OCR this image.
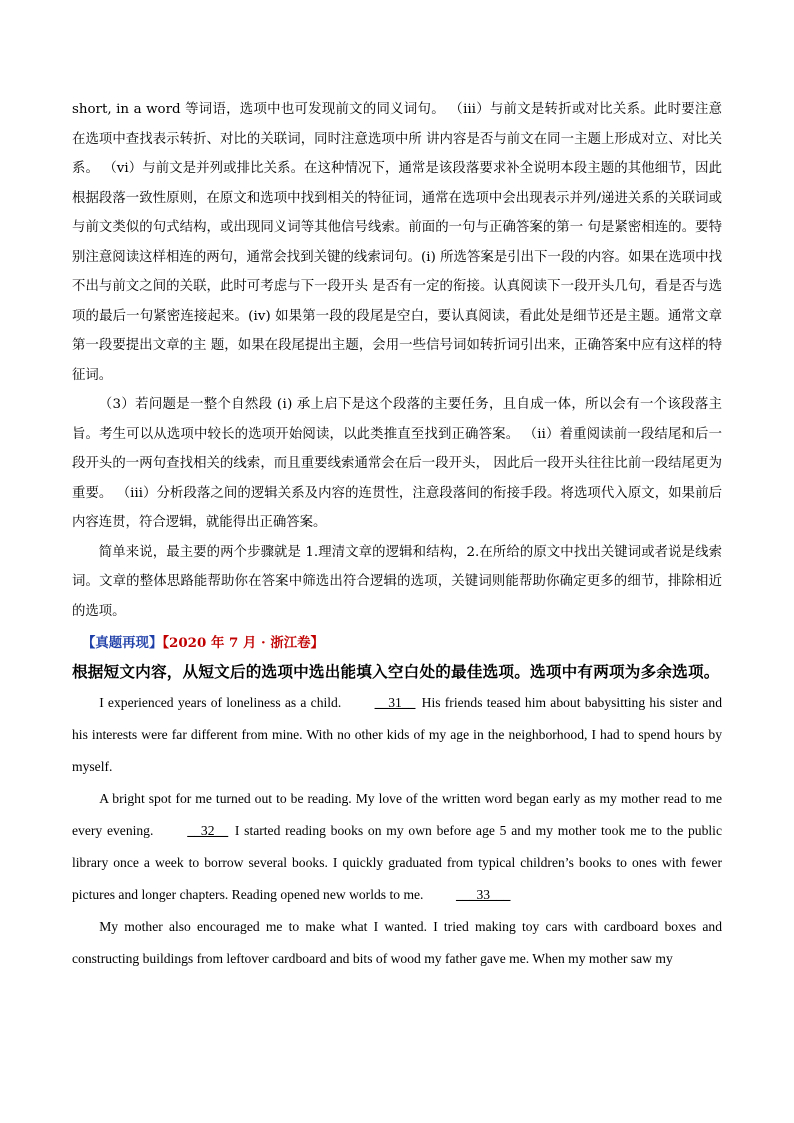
short, in a word 等词语，选项中也可发现前文的同义词句。 （ⅲ）与前文是转折或对比关系。此时要注意在选项中查找表示转折、对比的关联词，同时注意选项中所 讲内容是否与前文在同一主题上形成对立、对比关系。 （vi）与前文是并列或排比关系。在这种情况下，通常是该段落要求补全说明本段主题的其他细节，因此 根据段落一致性原则，在原文和选项中找到相关的特征词，通常在选项中会出现表示并列/递进关系的关联词或与前文类似的句式结构，或出现同义词等其他信号线索。前面的一句与正确答案的第一 句是紧密相连的。要特别注意阅读这样相连的两句，通常会找到关键的线索词句。(ⅰ) 所选答案是引出下一段的内容。如果在选项中找不出与前文之间的关联，此时可考虑与下一段开头 是否有一定的衔接。认真阅读下一段开头几句，看是否与选项的最后一句紧密连接起来。(ⅳ) 如果第一段的段尾是空白，要认真阅读，看此处是细节还是主题。通常文章第一段要提出文章的主 题，如果在段尾提出主题，会用一些信号词如转折词引出来，正确答案中应有这样的特征词。

（3）若问题是一整个自然段 (ⅰ) 承上启下是这个段落的主要任务，且自成一体，所以会有一个该段落主旨。考生可以从选项中较长的选项开始阅读，以此类推直至找到正确答案。 （ⅱ）着重阅读前一段结尾和后一段开头的一两句查找相关的线索，而且重要线索通常会在后一段开头， 因此后一段开头往往比前一段结尾更为重要。 （ⅲ）分析段落之间的逻辑关系及内容的连贯性，注意段落间的衔接手段。将选项代入原文，如果前后内容连贯，符合逻辑，就能得出正确答案。

简单来说，最主要的两个步骤就是 1.理清文章的逻辑和结构，2.在所给的原文中找出关键词或者说是线索词。文章的整体思路能帮助你在答案中筛选出符合逻辑的选项，关键词则能帮助你确定更多的细节，排除相近的选项。

【真题再现】【2020 年 7 月 · 浙江卷】

根据短文内容，从短文后的选项中选出能填入空白处的最佳选项。选项中有两项为多余选项。

I experienced years of loneliness as a child. __31__ His friends teased him about babysitting his sister and his interests were far different from mine. With no other kids of my age in the neighborhood, I had to spend hours by myself.

A bright spot for me turned out to be reading. My love of the written word began early as my mother read to me every evening. __32__ I started reading books on my own before age 5 and my mother took me to the public library once a week to borrow several books. I quickly graduated from typical children’s books to ones with fewer pictures and longer chapters. Reading opened new worlds to me. ___33___

My mother also encouraged me to make what I wanted. I tried making toy cars with cardboard boxes and constructing buildings from leftover cardboard and bits of wood my father gave me. When my mother saw my
